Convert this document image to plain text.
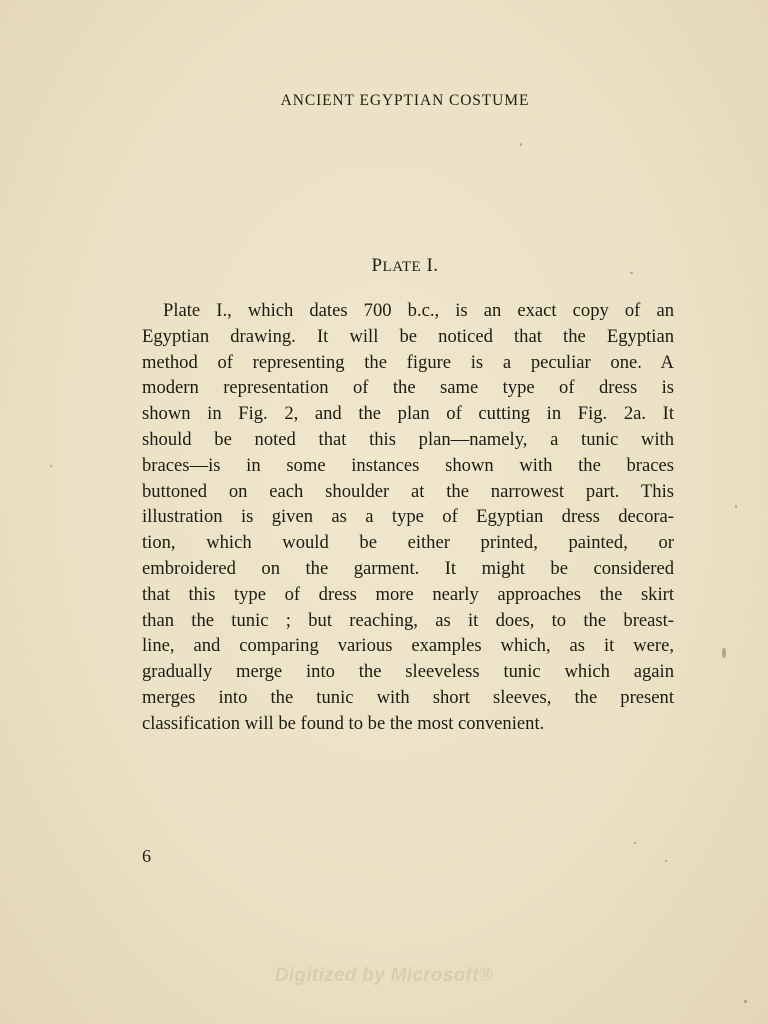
ANCIENT EGYPTIAN COSTUME
PLATE I.
Plate I., which dates 700 b.c., is an exact copy of an
Egyptian drawing. It will be noticed that the Egyptian
method of representing the figure is a peculiar one. A
modern representation of the same type of dress is
shown in Fig. 2, and the plan of cutting in Fig. 2a. It
should be noted that this plan—namely, a tunic with
braces—is in some instances shown with the braces
buttoned on each shoulder at the narrowest part. This
illustration is given as a type of Egyptian dress decora-
tion, which would be either printed, painted, or
embroidered on the garment. It might be considered
that this type of dress more nearly approaches the skirt
than the tunic ; but reaching, as it does, to the breast-
line, and comparing various examples which, as it were,
gradually merge into the sleeveless tunic which again
merges into the tunic with short sleeves, the present
classification will be found to be the most convenient.
6
Digitized by Microsoft®
